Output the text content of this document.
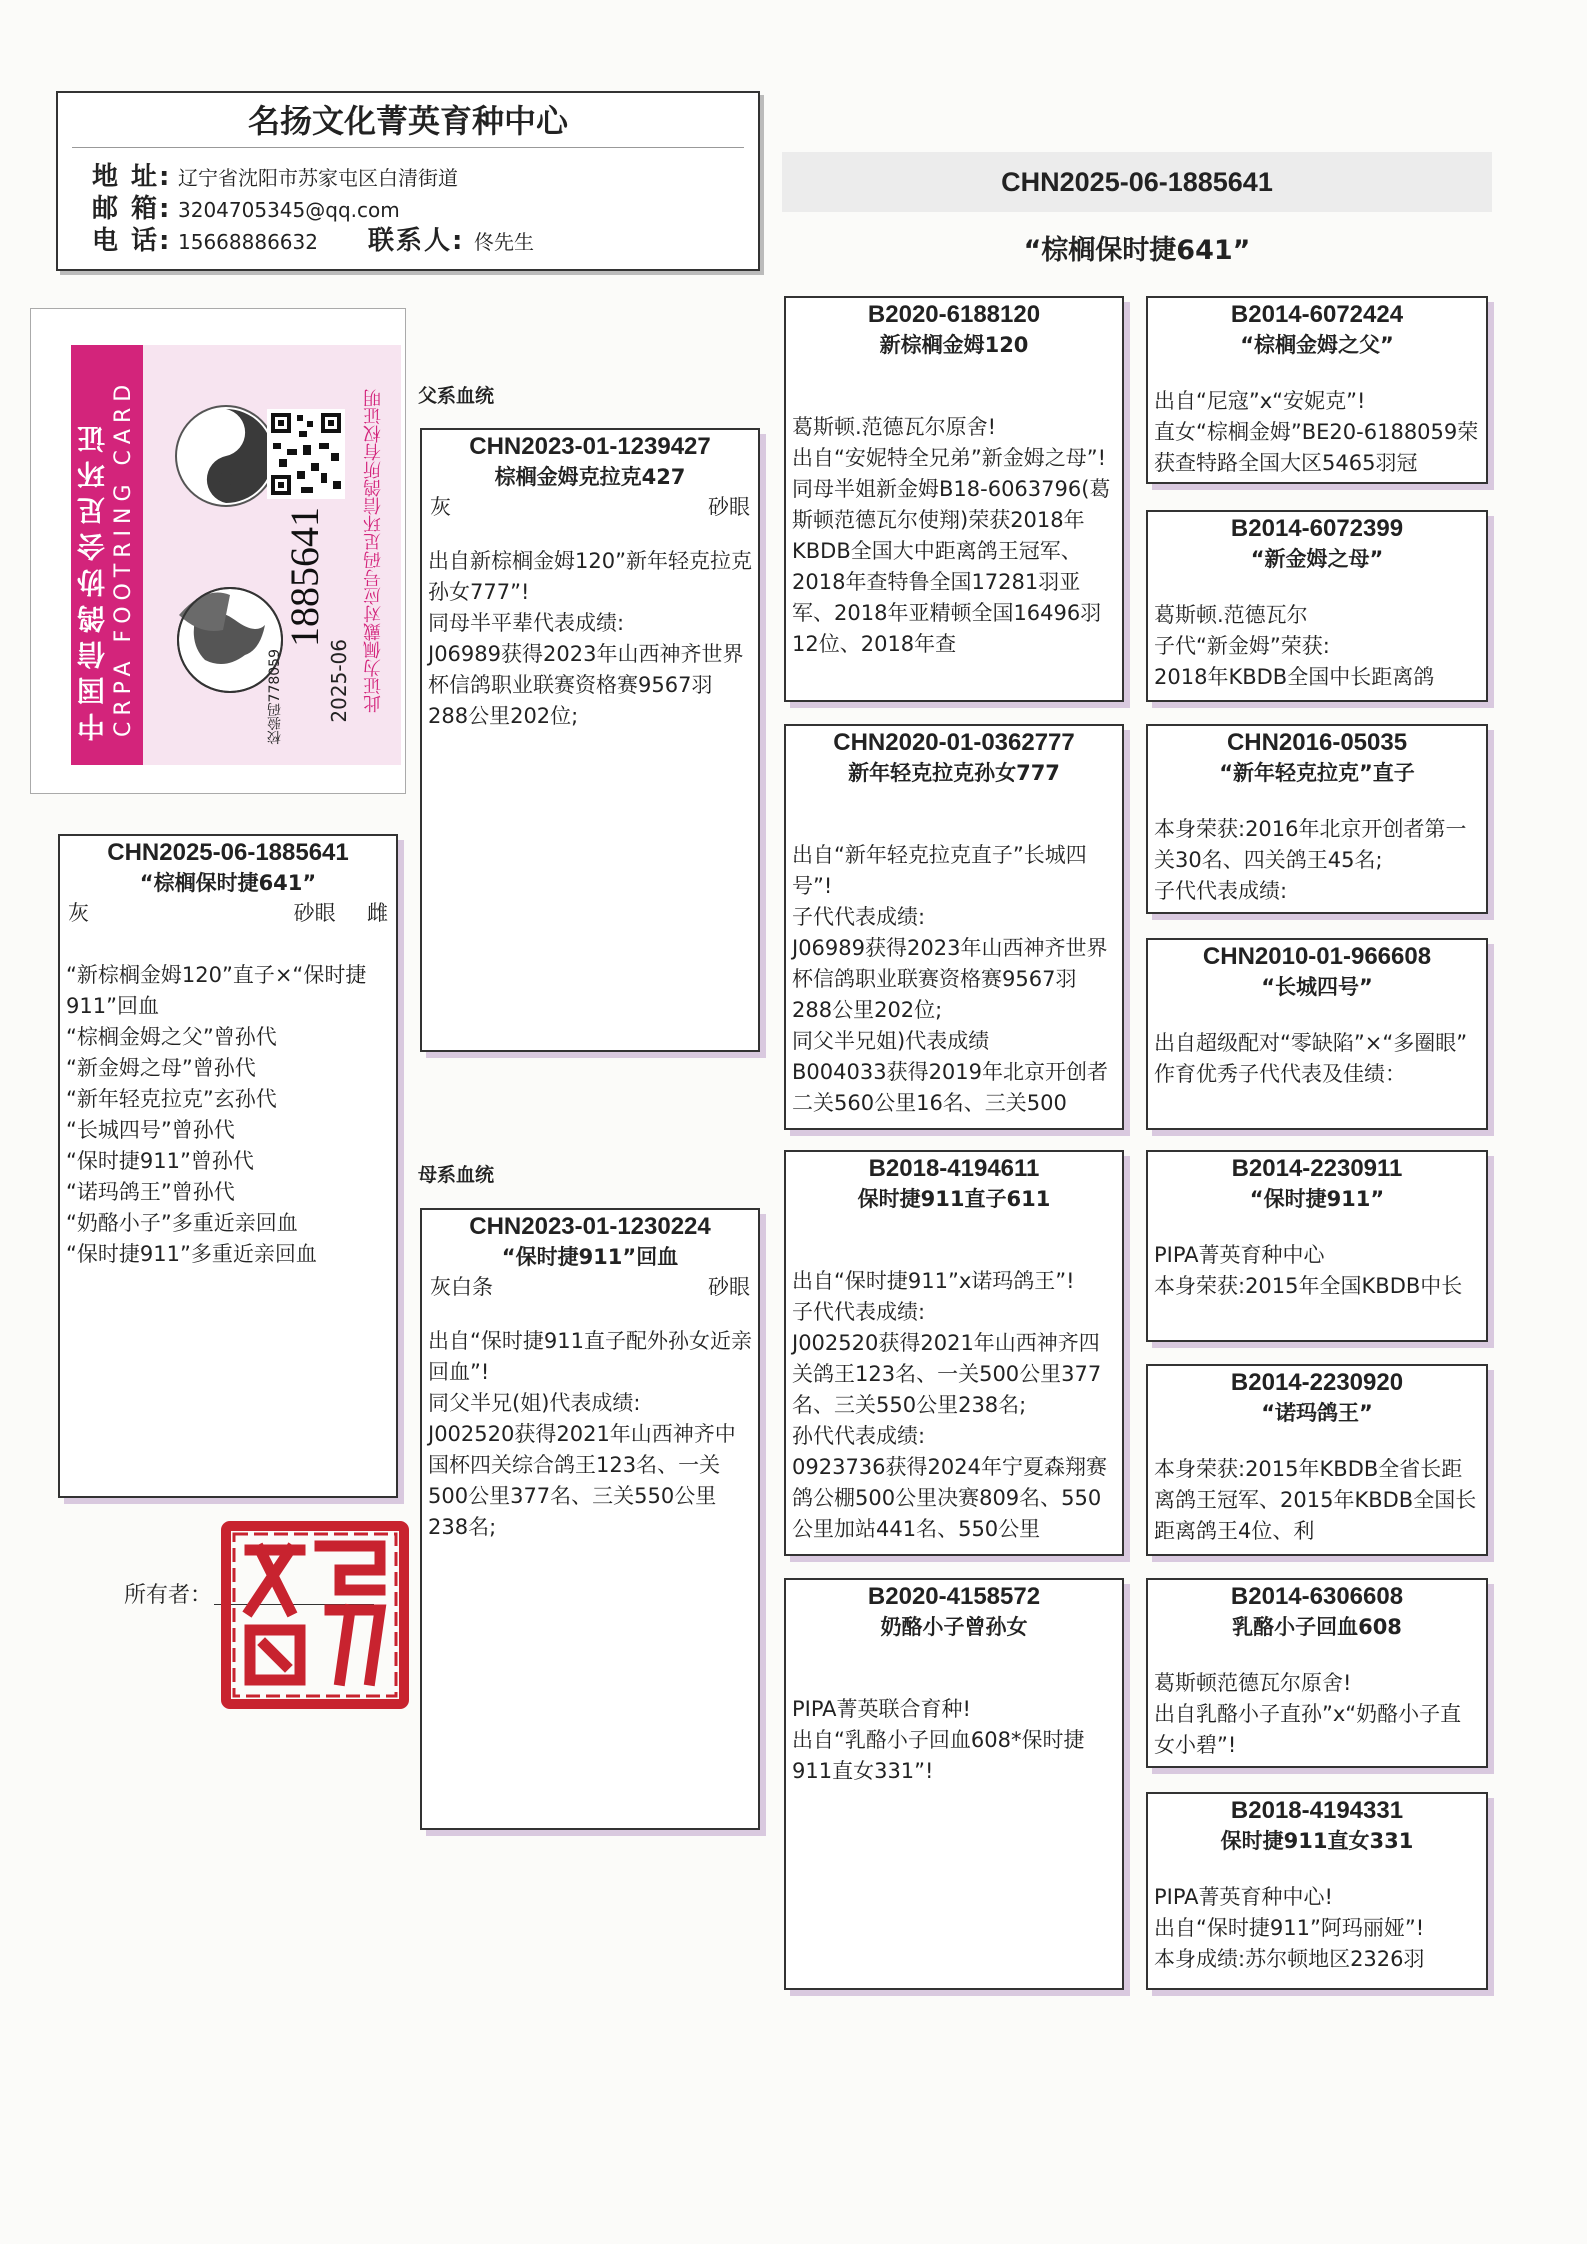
名扬文化菁英育种中心
地 址: 辽宁省沈阳市苏家屯区白清街道
邮 箱: 3204705345@qq.com
电 话: 15668886632	联系人: 佟先生
CHN2025-06-1885641
“棕榈保时捷641”
中国信鸽协会足环证 CRPA FOOTRING CARD	1885641
2025-06
校验码778059	此证为佩戴对应号码足环信鸽所有权证明 父系血统
母系血统
CHN2025-06-1885641
“棕榈保时捷641”
灰	砂眼 雌
“新棕榈金姆120”直子×“保时捷911”回血
“棕榈金姆之父”曾孙代
“新金姆之母”曾孙代
“新年轻克拉克”玄孙代
“长城四号”曾孙代
“保时捷911”曾孙代
“诺玛鸽王”曾孙代
“奶酪小子”多重近亲回血
“保时捷911”多重近亲回血
所有者：
CHN2023-01-1239427
棕榈金姆克拉克427
灰	砂眼
出自新棕榈金姆120”新年轻克拉克孙女777”!
同母半平辈代表成绩:
J06989获得2023年山西神齐世界杯信鸽职业联赛资格赛9567羽288公里202位;
CHN2023-01-1230224
“保时捷911”回血
灰白条	砂眼
出自“保时捷911直子配外孙女近亲回血”!
同父半兄(姐)代表成绩:
J002520获得2021年山西神齐中国杯四关综合鸽王123名、一关500公里377名、三关550公里238名;
B2020-6188120
新棕榈金姆120
葛斯顿.范德瓦尔原舍!
出自“安妮特全兄弟”新金姆之母”!
同母半姐新金姆B18-6063796(葛斯顿范德瓦尔使翔)荣获2018年KBDB全国大中距离鸽王冠军、2018年查特鲁全国17281羽亚军、2018年亚精顿全国16496羽12位、2018年查
CHN2020-01-0362777
新年轻克拉克孙女777
出自“新年轻克拉克直子”长城四号”!
子代代表成绩:
J06989获得2023年山西神齐世界杯信鸽职业联赛资格赛9567羽288公里202位;
同父半兄姐)代表成绩
B004033获得2019年北京开创者二关560公里16名、三关500
B2018-4194611
保时捷911直子611
出自“保时捷911”x诺玛鸽王”!
子代代表成绩:
J002520获得2021年山西神齐四关鸽王123名、一关500公里377名、三关550公里238名;
孙代代表成绩:
0923736获得2024年宁夏森翔赛鸽公棚500公里决赛809名、550公里加站441名、550公里
B2020-4158572
奶酪小子曾孙女
PIPA菁英联合育种!
出自“乳酪小子回血608*保时捷911直女331”!
B2014-6072424
“棕榈金姆之父”
出自“尼寇”x“安妮克”!
直女“棕榈金姆”BE20-6188059荣获查特路全国大区5465羽冠
B2014-6072399
“新金姆之母”
葛斯顿.范德瓦尔
子代“新金姆”荣获:
2018年KBDB全国中长距离鸽
CHN2016-05035
“新年轻克拉克”直子
本身荣获:2016年北京开创者第一关30名、四关鸽王45名;
子代代表成绩:
CHN2010-01-966608
“长城四号”
出自超级配对“零缺陷”×“多圈眼”
作育优秀子代代表及佳绩：
B2014-2230911
“保时捷911”
PIPA菁英育种中心
本身荣获:2015年全国KBDB中长
B2014-2230920
“诺玛鸽王”
本身荣获:2015年KBDB全省长距离鸽王冠军、2015年KBDB全国长距离鸽王4位、利
B2014-6306608
乳酪小子回血608
葛斯顿范德瓦尔原舍!
出自乳酪小子直孙”x“奶酪小子直女小碧”!
B2018-4194331
保时捷911直女331
PIPA菁英育种中心!
出自“保时捷911”阿玛丽娅”!
本身成绩:苏尔顿地区2326羽
